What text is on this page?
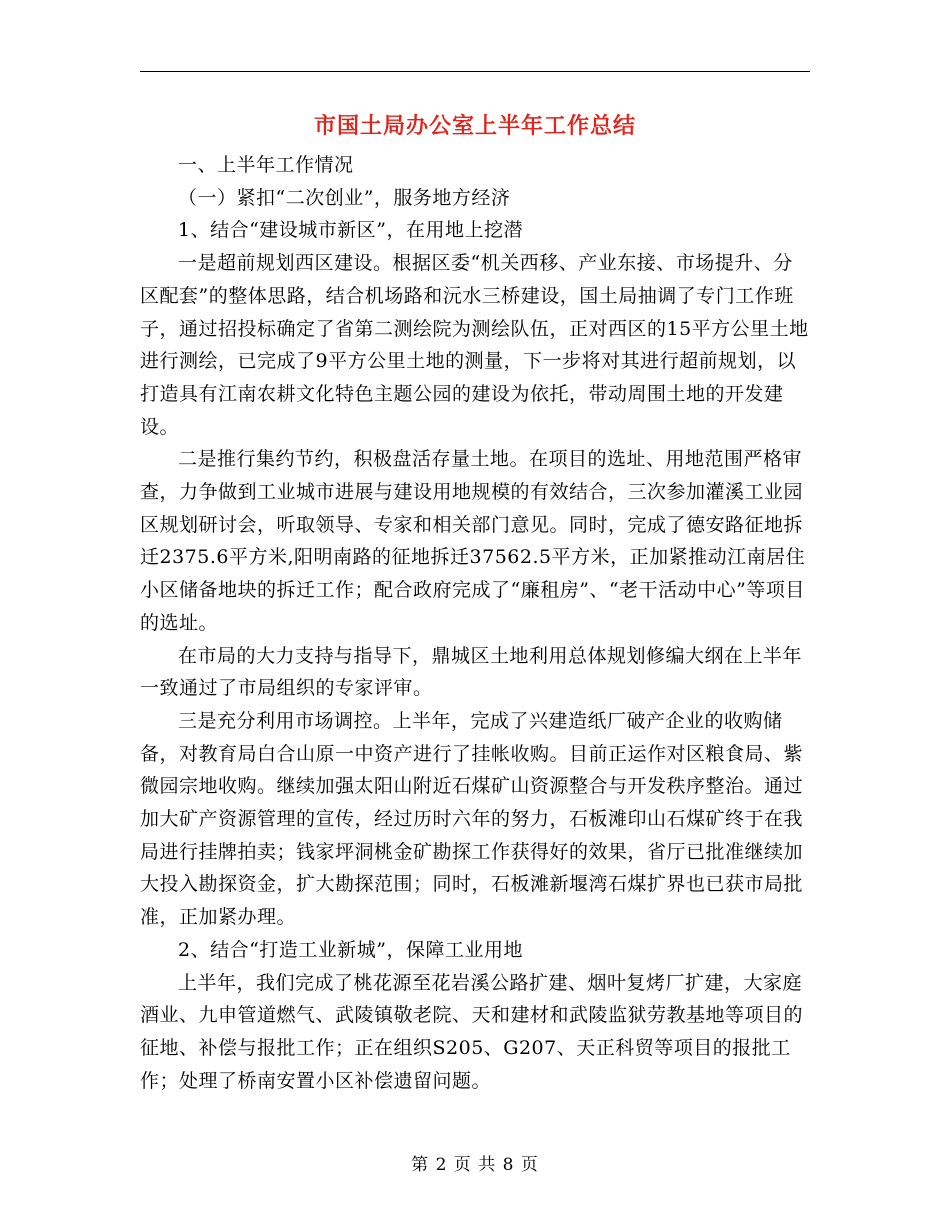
市国土局办公室上半年工作总结

一、上半年工作情况

（一）紧扣“二次创业”，服务地方经济

1、结合“建设城市新区”，在用地上挖潜

一是超前规划西区建设。根据区委“机关西移、产业东接、市场提升、分区配套”的整体思路，结合机场路和沅水三桥建设，国土局抽调了专门工作班子，通过招投标确定了省第二测绘院为测绘队伍，正对西区的15平方公里土地进行测绘，已完成了9平方公里土地的测量，下一步将对其进行超前规划，以打造具有江南农耕文化特色主题公园的建设为依托，带动周围土地的开发建设。

二是推行集约节约，积极盘活存量土地。在项目的选址、用地范围严格审查，力争做到工业城市进展与建设用地规模的有效结合，三次参加灌溪工业园区规划研讨会，听取领导、专家和相关部门意见。同时，完成了德安路征地拆迁2375.6平方米,阳明南路的征地拆迁37562.5平方米，正加紧推动江南居住小区储备地块的拆迁工作；配合政府完成了“廉租房”、“老干活动中心”等项目的选址。

在市局的大力支持与指导下，鼎城区土地利用总体规划修编大纲在上半年一致通过了市局组织的专家评审。

三是充分利用市场调控。上半年，完成了兴建造纸厂破产企业的收购储备，对教育局白合山原一中资产进行了挂帐收购。目前正运作对区粮食局、紫微园宗地收购。继续加强太阳山附近石煤矿山资源整合与开发秩序整治。通过加大矿产资源管理的宣传，经过历时六年的努力，石板滩印山石煤矿终于在我局进行挂牌拍卖；钱家坪洞桃金矿勘探工作获得好的效果，省厅已批准继续加大投入勘探资金，扩大勘探范围；同时，石板滩新堰湾石煤扩界也已获市局批准，正加紧办理。

2、结合“打造工业新城”，保障工业用地

上半年，我们完成了桃花源至花岩溪公路扩建、烟叶复烤厂扩建，大家庭酒业、九申管道燃气、武陵镇敬老院、天和建材和武陵监狱劳教基地等项目的征地、补偿与报批工作；正在组织S205、G207、天正科贸等项目的报批工作；处理了桥南安置小区补偿遗留问题。

第 2 页 共 8 页
